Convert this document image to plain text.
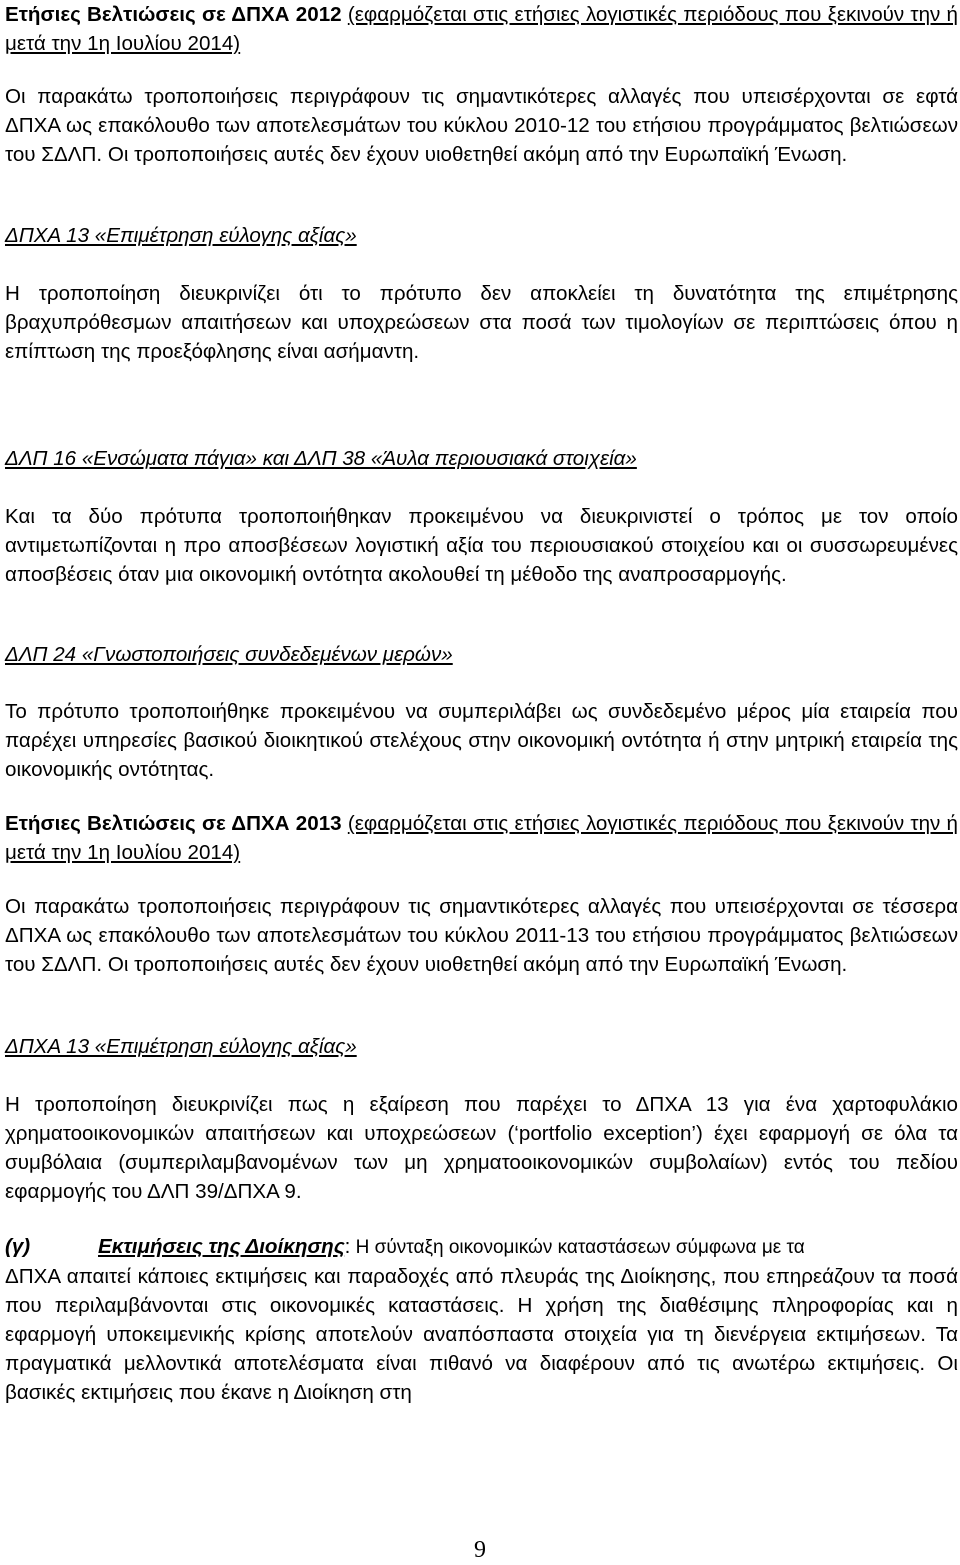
Ετήσιες Βελτιώσεις σε ΔΠΧΑ 2012 (εφαρμόζεται στις ετήσιες λογιστικές περιόδους που ξεκινούν την ή μετά την 1η Ιουλίου 2014)

Οι παρακάτω τροποποιήσεις περιγράφουν τις σημαντικότερες αλλαγές που υπεισέρχονται σε εφτά ΔΠΧΑ ως επακόλουθο των αποτελεσμάτων του κύκλου 2010-12 του ετήσιου προγράμματος βελτιώσεων του ΣΔΛΠ. Οι τροποποιήσεις αυτές δεν έχουν υιοθετηθεί ακόμη από την Ευρωπαϊκή Ένωση.

ΔΠΧΑ 13 «Επιμέτρηση εύλογης αξίας»

Η τροποποίηση διευκρινίζει ότι το πρότυπο δεν αποκλείει τη δυνατότητα της επιμέτρησης βραχυπρόθεσμων απαιτήσεων και υποχρεώσεων στα ποσά των τιμολογίων σε περιπτώσεις όπου η επίπτωση της προεξόφλησης είναι ασήμαντη.

ΔΛΠ 16 «Ενσώματα πάγια» και ΔΛΠ 38 «Άυλα περιουσιακά στοιχεία»

Και τα δύο πρότυπα τροποποιήθηκαν προκειμένου να διευκρινιστεί ο τρόπος με τον οποίο αντιμετωπίζονται η προ αποσβέσεων λογιστική αξία του περιουσιακού στοιχείου και οι συσσωρευμένες αποσβέσεις όταν μια οικονομική οντότητα ακολουθεί τη μέθοδο της αναπροσαρμογής.

ΔΛΠ 24 «Γνωστοποιήσεις συνδεδεμένων μερών»

Το πρότυπο τροποποιήθηκε προκειμένου να συμπεριλάβει ως συνδεδεμένο μέρος μία εταιρεία που παρέχει υπηρεσίες βασικού διοικητικού στελέχους στην οικονομική οντότητα ή στην μητρική εταιρεία της οικονομικής οντότητας.

Ετήσιες Βελτιώσεις σε ΔΠΧΑ 2013 (εφαρμόζεται στις ετήσιες λογιστικές περιόδους που ξεκινούν την ή μετά την 1η Ιουλίου 2014)

Οι παρακάτω τροποποιήσεις περιγράφουν τις σημαντικότερες αλλαγές που υπεισέρχονται σε τέσσερα ΔΠΧΑ ως επακόλουθο των αποτελεσμάτων του κύκλου 2011-13 του ετήσιου προγράμματος βελτιώσεων του ΣΔΛΠ. Οι τροποποιήσεις αυτές δεν έχουν υιοθετηθεί ακόμη από την Ευρωπαϊκή Ένωση.

ΔΠΧΑ 13 «Επιμέτρηση εύλογης αξίας»

Η τροποποίηση διευκρινίζει πως η εξαίρεση που παρέχει το ΔΠΧΑ 13 για ένα χαρτοφυλάκιο χρηματοοικονομικών απαιτήσεων και υποχρεώσεων (‘portfolio exception’) έχει εφαρμογή σε όλα τα συμβόλαια (συμπεριλαμβανομένων των μη χρηματοοικονομικών συμβολαίων) εντός του πεδίου εφαρμογής του ΔΛΠ 39/ΔΠΧΑ 9.

(γ)	Εκτιμήσεις της Διοίκησης: Η σύνταξη οικονομικών καταστάσεων σύμφωνα με τα
ΔΠΧΑ απαιτεί κάποιες εκτιμήσεις και παραδοχές από πλευράς της Διοίκησης, που επηρεάζουν τα ποσά που περιλαμβάνονται στις οικονομικές καταστάσεις. Η χρήση της διαθέσιμης πληροφορίας και η εφαρμογή υποκειμενικής κρίσης αποτελούν αναπόσπαστα στοιχεία για τη διενέργεια εκτιμήσεων. Τα πραγματικά μελλοντικά αποτελέσματα είναι πιθανό να διαφέρουν από τις ανωτέρω εκτιμήσεις. Οι βασικές εκτιμήσεις που έκανε η Διοίκηση στη

9
